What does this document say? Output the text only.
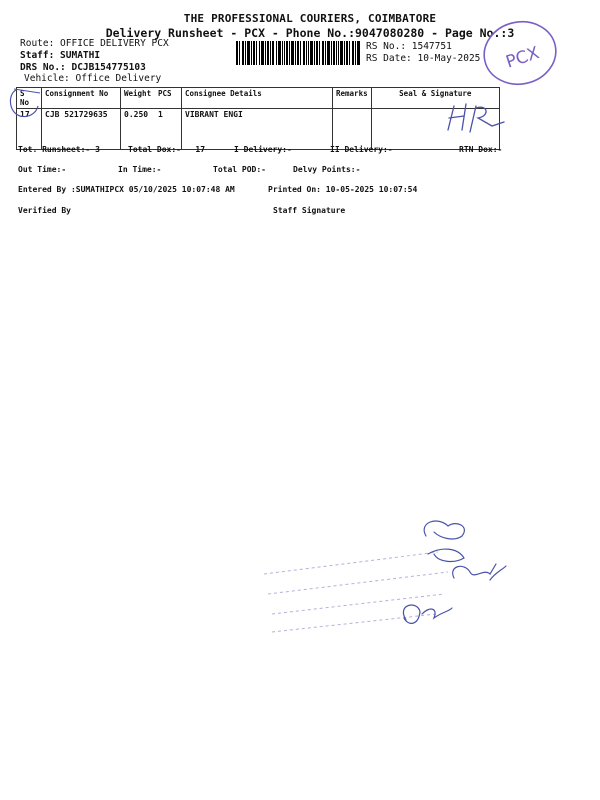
THE PROFESSIONAL COURIERS, COIMBATORE
Delivery Runsheet - PCX - Phone No.:9047080280 - Page No.:3
Route: OFFICE DELIVERY PCX
Staff: SUMATHI
DRS No.: DCJB154775103
Vehicle: Office Delivery
RS No.: 1547751
RS Date: 10-May-2025 PCX
S No	Consignment No	Weight	PCS	Consignee Details	Remarks	Seal & Signature
17	CJB 521729635	0.250	1	VIBRANT ENGI		
Tot. Runsheet:- 3	Total Dox:-   17	I Delivery:-	II Delivery:-	RTN Dox:-
Out Time:-	In Time:-	Total POD:-	Delvy Points:-
Entered By :SUMATHIPCX 05/10/2025 10:07:48 AM	Printed On: 10-05-2025 10:07:54
Verified By	Staff Signature
